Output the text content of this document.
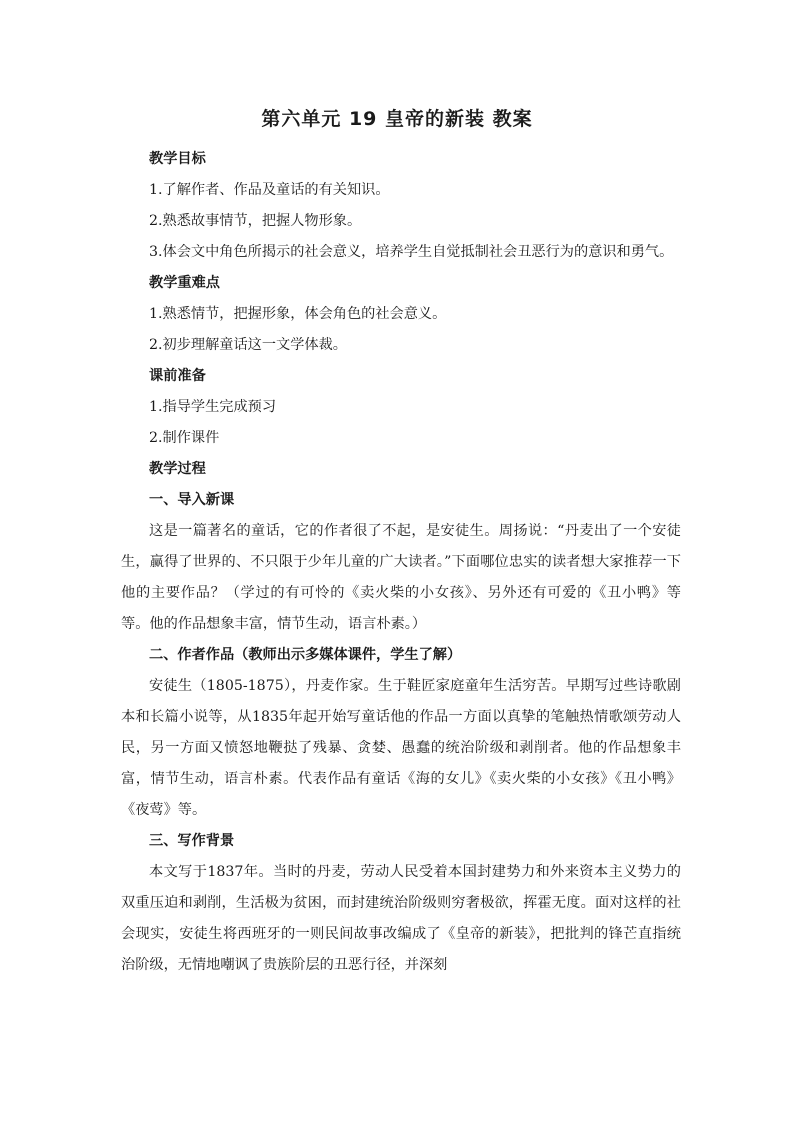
第六单元 19 皇帝的新装 教案

教学目标

1.了解作者、作品及童话的有关知识。

2.熟悉故事情节，把握人物形象。

3.体会文中角色所揭示的社会意义，培养学生自觉抵制社会丑恶行为的意识和勇气。

教学重难点

1.熟悉情节，把握形象，体会角色的社会意义。

2.初步理解童话这一文学体裁。

课前准备

1.指导学生完成预习

2.制作课件

教学过程

一、导入新课

这是一篇著名的童话，它的作者很了不起，是安徒生。周扬说：“丹麦出了一个安徒生，赢得了世界的、不只限于少年儿童的广大读者。”下面哪位忠实的读者想大家推荐一下他的主要作品？（学过的有可怜的《卖火柴的小女孩》、另外还有可爱的《丑小鸭》等等。他的作品想象丰富，情节生动，语言朴素。）

二、作者作品（教师出示多媒体课件，学生了解）

安徒生（1805-1875），丹麦作家。生于鞋匠家庭童年生活穷苦。早期写过些诗歌剧本和长篇小说等，从1835年起开始写童话他的作品一方面以真挚的笔触热情歌颂劳动人民，另一方面又愤怒地鞭挞了残暴、贪婪、愚蠢的统治阶级和剥削者。他的作品想象丰富，情节生动，语言朴素。代表作品有童话《海的女儿》《卖火柴的小女孩》《丑小鸭》《夜莺》等。

三、写作背景

本文写于1837年。当时的丹麦，劳动人民受着本国封建势力和外来资本主义势力的双重压迫和剥削，生活极为贫困，而封建统治阶级则穷奢极欲，挥霍无度。面对这样的社会现实，安徒生将西班牙的一则民间故事改编成了《皇帝的新装》，把批判的锋芒直指统治阶级，无情地嘲讽了贵族阶层的丑恶行径，并深刻
